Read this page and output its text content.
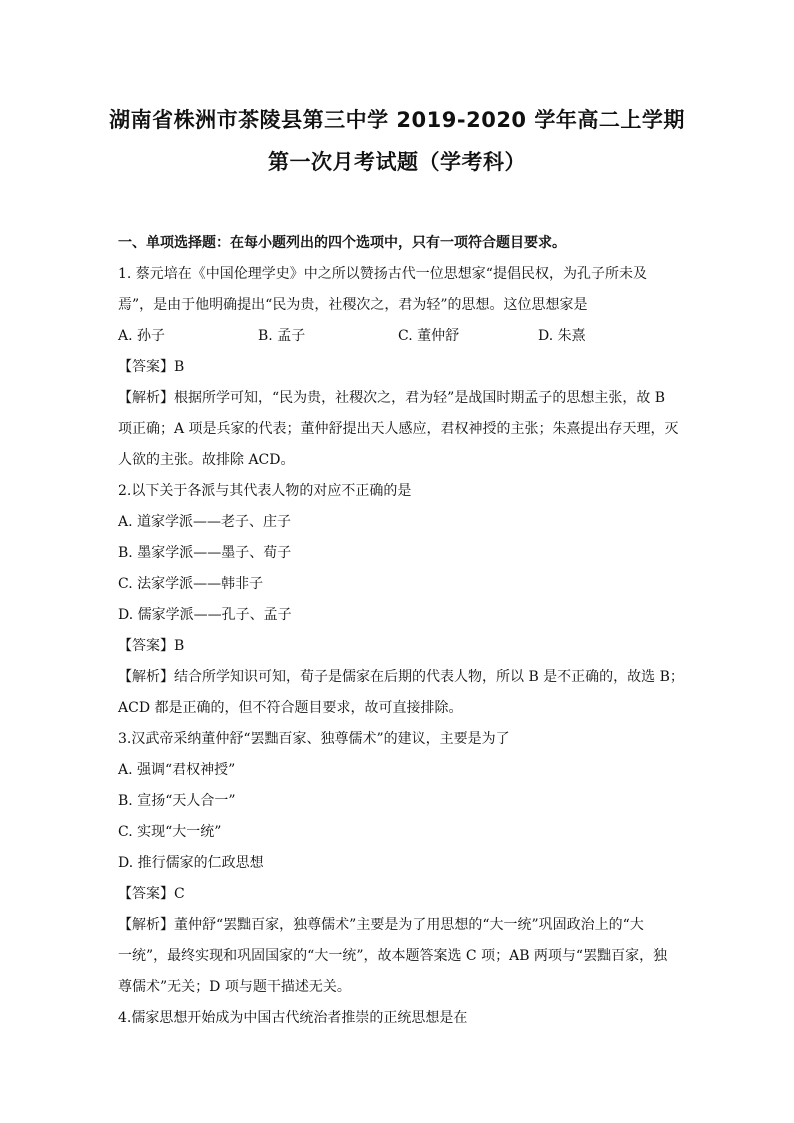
湖南省株洲市茶陵县第三中学 2019-2020 学年高二上学期
第一次月考试题（学考科）
一、单项选择题：在每小题列出的四个选项中，只有一项符合题目要求。
1. 蔡元培在《中国伦理学史》中之所以赞扬古代一位思想家“提倡民权，为孔子所未及
焉”，是由于他明确提出“民为贵，社稷次之，君为轻”的思想。这位思想家是
A. 孙子	B. 孟子	C. 董仲舒	D. 朱熹
【答案】B
【解析】根据所学可知，“民为贵，社稷次之，君为轻”是战国时期孟子的思想主张，故 B
项正确；A 项是兵家的代表；董仲舒提出天人感应，君权神授的主张；朱熹提出存天理，灭
人欲的主张。故排除 ACD。
2.以下关于各派与其代表人物的对应不正确的是
A. 道家学派——老子、庄子
B. 墨家学派——墨子、荀子
C. 法家学派——韩非子
D. 儒家学派——孔子、孟子
【答案】B
【解析】结合所学知识可知，荀子是儒家在后期的代表人物，所以 B 是不正确的，故选 B；
ACD 都是正确的，但不符合题目要求，故可直接排除。
3.汉武帝采纳董仲舒“罢黜百家、独尊儒术”的建议，主要是为了
A. 强调“君权神授”
B. 宣扬“天人合一”
C. 实现“大一统”
D. 推行儒家的仁政思想
【答案】C
【解析】董仲舒“罢黜百家，独尊儒术”主要是为了用思想的“大一统”巩固政治上的“大
一统”，最终实现和巩固国家的“大一统”，故本题答案选 C 项；AB 两项与“罢黜百家，独
尊儒术”无关；D 项与题干描述无关。
4.儒家思想开始成为中国古代统治者推崇的正统思想是在
